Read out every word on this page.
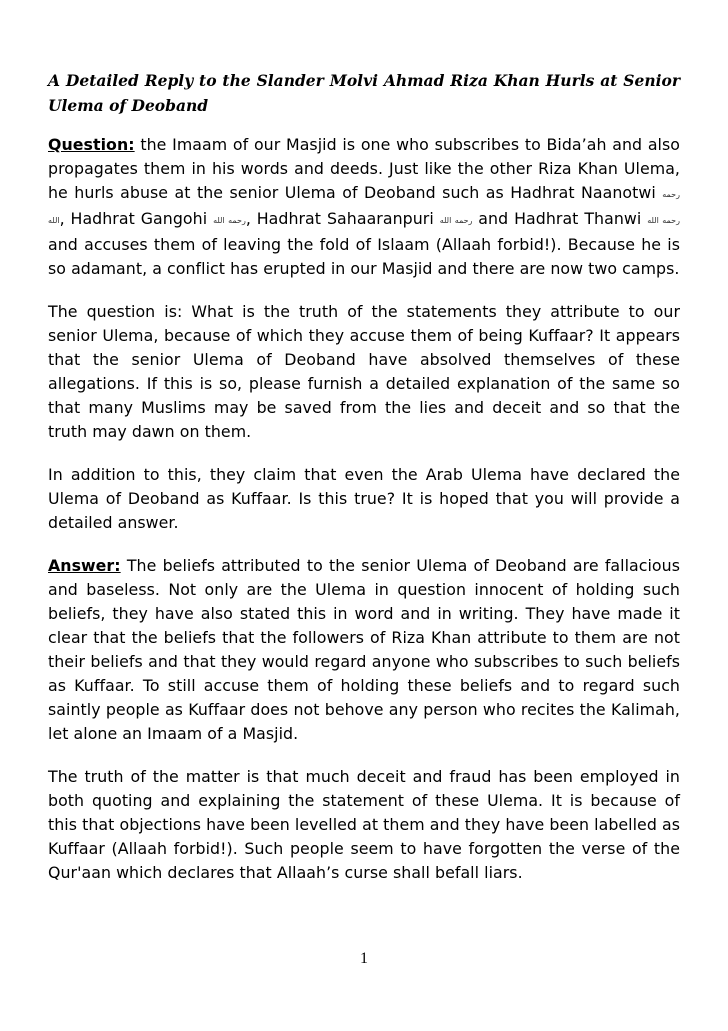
A Detailed Reply to the Slander Molvi Ahmad Riza Khan Hurls at Senior Ulema of Deoband

Question: the Imaam of our Masjid is one who subscribes to Bida’ah and also propagates them in his words and deeds. Just like the other Riza Khan Ulema, he hurls abuse at the senior Ulema of Deoband such as Hadhrat Naanotwi رحمه الله, Hadhrat Gangohi رحمه الله, Hadhrat Sahaaranpuri رحمه الله and Hadhrat Thanwi رحمه الله and accuses them of leaving the fold of Islaam (Allaah forbid!). Because he is so adamant, a conflict has erupted in our Masjid and there are now two camps.

The question is: What is the truth of the statements they attribute to our senior Ulema, because of which they accuse them of being Kuffaar? It appears that the senior Ulema of Deoband have absolved themselves of these allegations. If this is so, please furnish a detailed explanation of the same so that many Muslims may be saved from the lies and deceit and so that the truth may dawn on them.

In addition to this, they claim that even the Arab Ulema have declared the Ulema of Deoband as Kuffaar. Is this true? It is hoped that you will provide a detailed answer.

Answer: The beliefs attributed to the senior Ulema of Deoband are fallacious and baseless. Not only are the Ulema in question innocent of holding such beliefs, they have also stated this in word and in writing. They have made it clear that the beliefs that the followers of Riza Khan attribute to them are not their beliefs and that they would regard anyone who subscribes to such beliefs as Kuffaar. To still accuse them of holding these beliefs and to regard such saintly people as Kuffaar does not behove any person who recites the Kalimah, let alone an Imaam of a Masjid.

The truth of the matter is that much deceit and fraud has been employed in both quoting and explaining the statement of these Ulema. It is because of this that objections have been levelled at them and they have been labelled as Kuffaar (Allaah forbid!). Such people seem to have forgotten the verse of the Qur'aan which declares that Allaah’s curse shall befall liars.

1
